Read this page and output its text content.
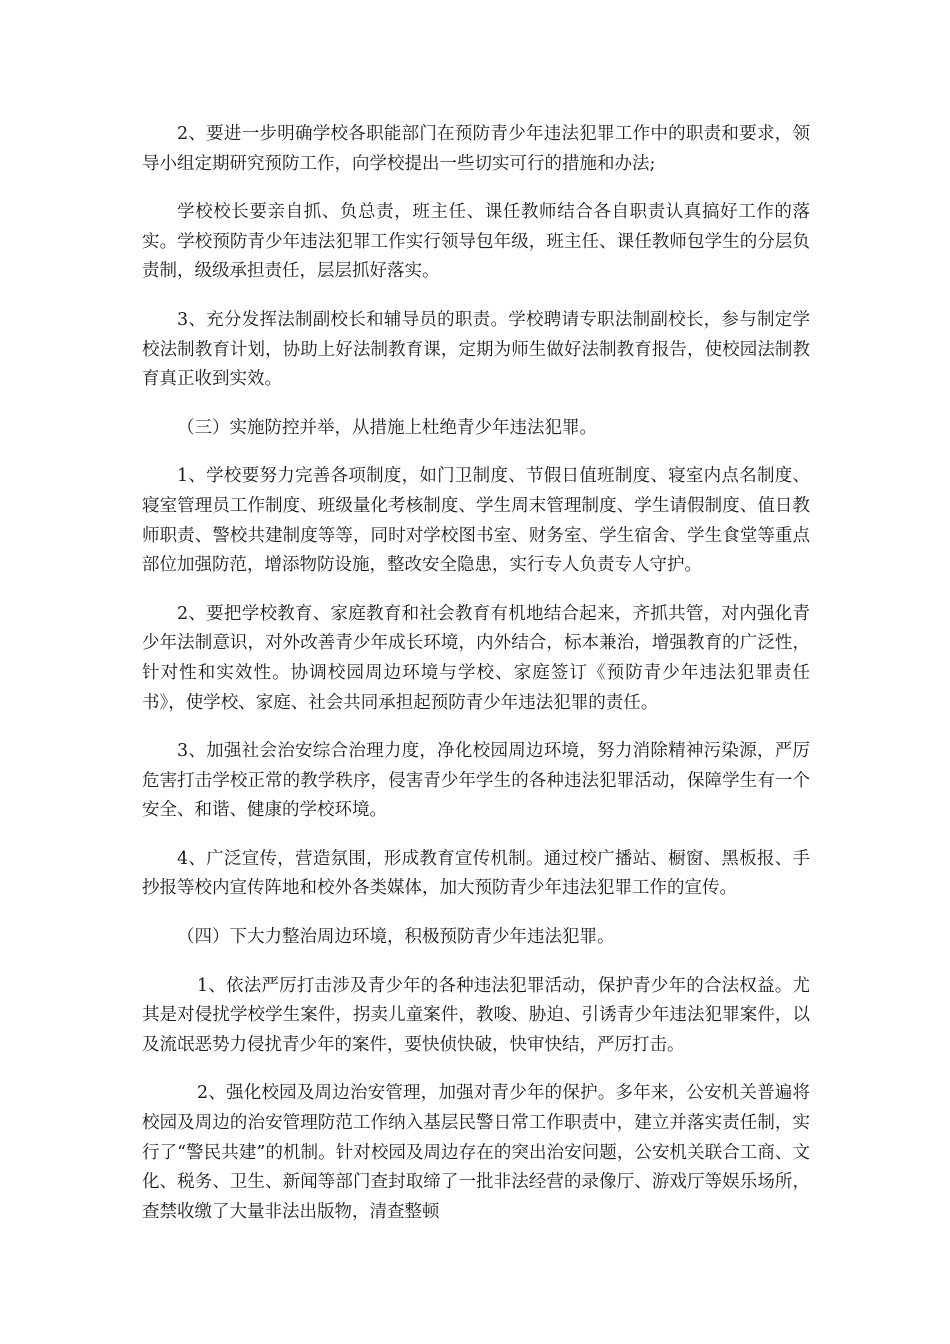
2、要进一步明确学校各职能部门在预防青少年违法犯罪工作中的职责和要求，领导小组定期研究预防工作，向学校提出一些切实可行的措施和办法;

学校校长要亲自抓、负总责，班主任、课任教师结合各自职责认真搞好工作的落实。学校预防青少年违法犯罪工作实行领导包年级，班主任、课任教师包学生的分层负责制，级级承担责任，层层抓好落实。

3、充分发挥法制副校长和辅导员的职责。学校聘请专职法制副校长，参与制定学校法制教育计划，协助上好法制教育课，定期为师生做好法制教育报告，使校园法制教育真正收到实效。

（三）实施防控并举，从措施上杜绝青少年违法犯罪。

1、学校要努力完善各项制度，如门卫制度、节假日值班制度、寝室内点名制度、寝室管理员工作制度、班级量化考核制度、学生周末管理制度、学生请假制度、值日教师职责、警校共建制度等等，同时对学校图书室、财务室、学生宿舍、学生食堂等重点部位加强防范，增添物防设施，整改安全隐患，实行专人负责专人守护。

2、要把学校教育、家庭教育和社会教育有机地结合起来，齐抓共管，对内强化青少年法制意识，对外改善青少年成长环境，内外结合，标本兼治，增强教育的广泛性，针对性和实效性。协调校园周边环境与学校、家庭签订《预防青少年违法犯罪责任书》，使学校、家庭、社会共同承担起预防青少年违法犯罪的责任。

3、加强社会治安综合治理力度，净化校园周边环境，努力消除精神污染源，严厉危害打击学校正常的教学秩序，侵害青少年学生的各种违法犯罪活动，保障学生有一个安全、和谐、健康的学校环境。

4、广泛宣传，营造氛围，形成教育宣传机制。通过校广播站、橱窗、黑板报、手抄报等校内宣传阵地和校外各类媒体，加大预防青少年违法犯罪工作的宣传。

（四）下大力整治周边环境，积极预防青少年违法犯罪。

1、依法严厉打击涉及青少年的各种违法犯罪活动，保护青少年的合法权益。尤其是对侵扰学校学生案件，拐卖儿童案件，教唆、胁迫、引诱青少年违法犯罪案件，以及流氓恶势力侵扰青少年的案件，要快侦快破，快审快结，严厉打击。

2、强化校园及周边治安管理，加强对青少年的保护。多年来，公安机关普遍将校园及周边的治安管理防范工作纳入基层民警日常工作职责中，建立并落实责任制，实行了“警民共建”的机制。针对校园及周边存在的突出治安问题，公安机关联合工商、文化、税务、卫生、新闻等部门查封取缔了一批非法经营的录像厅、游戏厅等娱乐场所，查禁收缴了大量非法出版物，清查整顿
